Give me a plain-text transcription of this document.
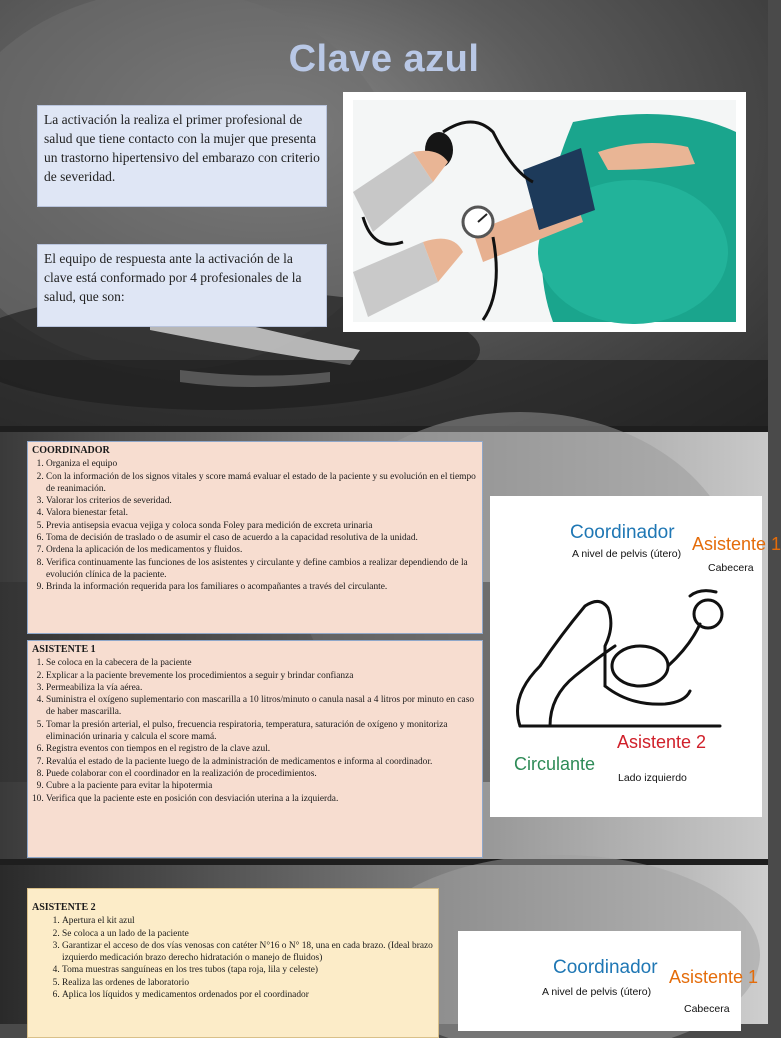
Clave azul
La activación la realiza el primer profesional de salud que tiene contacto con la mujer que presenta un trastorno hipertensivo del embarazo con criterio de severidad.
El equipo de respuesta ante la activación de la clave está conformado por 4 profesionales de la salud, que son:
COORDINADOR
1. Organiza el equipo
2. Con la información de los signos vitales y score mamá evaluar el estado de la paciente y su evolución en el tiempo de reanimación.
3. Valorar los criterios de severidad.
4. Valora bienestar fetal.
5. Previa antisepsia evacua vejiga y coloca sonda Foley para medición de excreta urinaria
6. Toma de decisión de traslado o de asumir el caso de acuerdo a la capacidad resolutiva de la unidad.
7. Ordena la aplicación de los medicamentos y fluidos.
8. Verifica continuamente las funciones de los asistentes y circulante y define cambios a realizar dependiendo de la evolución clínica de la paciente.
9. Brinda la información requerida para los familiares o acompañantes a través del circulante.
ASISTENTE 1
1. Se coloca en la cabecera de la paciente
2. Explicar a la paciente brevemente los procedimientos a seguir y brindar confianza
3. Permeabiliza la vía aérea.
4. Suministra el oxígeno suplementario con mascarilla a 10 litros/minuto o canula nasal a 4 litros por minuto en caso de haber mascarilla.
5. Tomar la presión arterial, el pulso, frecuencia respiratoria, temperatura, saturación de oxígeno y monitoriza eliminación urinaria y calcula el score mamá.
6. Registra eventos con tiempos en el registro de la clave azul.
7. Revalúa el estado de la paciente luego de la administración de medicamentos e informa al coordinador.
8. Puede colaborar con el coordinador en la realización de procedimientos.
9. Cubre a la paciente para evitar la hipotermia
10. Verifica que la paciente este en posición con desviación uterina a la izquierda.
Coordinador
A nivel de pelvis (útero) Asistente 1
Cabecera
Asistente 2
Lado izquierdo
Circulante
ASISTENTE 2
1. Apertura el kit azul
2. Se coloca a un lado de la paciente
3. Garantizar el acceso de dos vías venosas con catéter N°16 o N° 18, una en cada brazo. (Ideal brazo izquierdo medicación brazo derecho hidratación o manejo de fluidos)
4. Toma muestras sanguíneas en los tres tubos (tapa roja, lila y celeste)
5. Realiza las ordenes de laboratorio
6. Aplica los líquidos y medicamentos ordenados por el coordinador
Coordinador
A nivel de pelvis (útero)
Asistente 1
Cabecera
